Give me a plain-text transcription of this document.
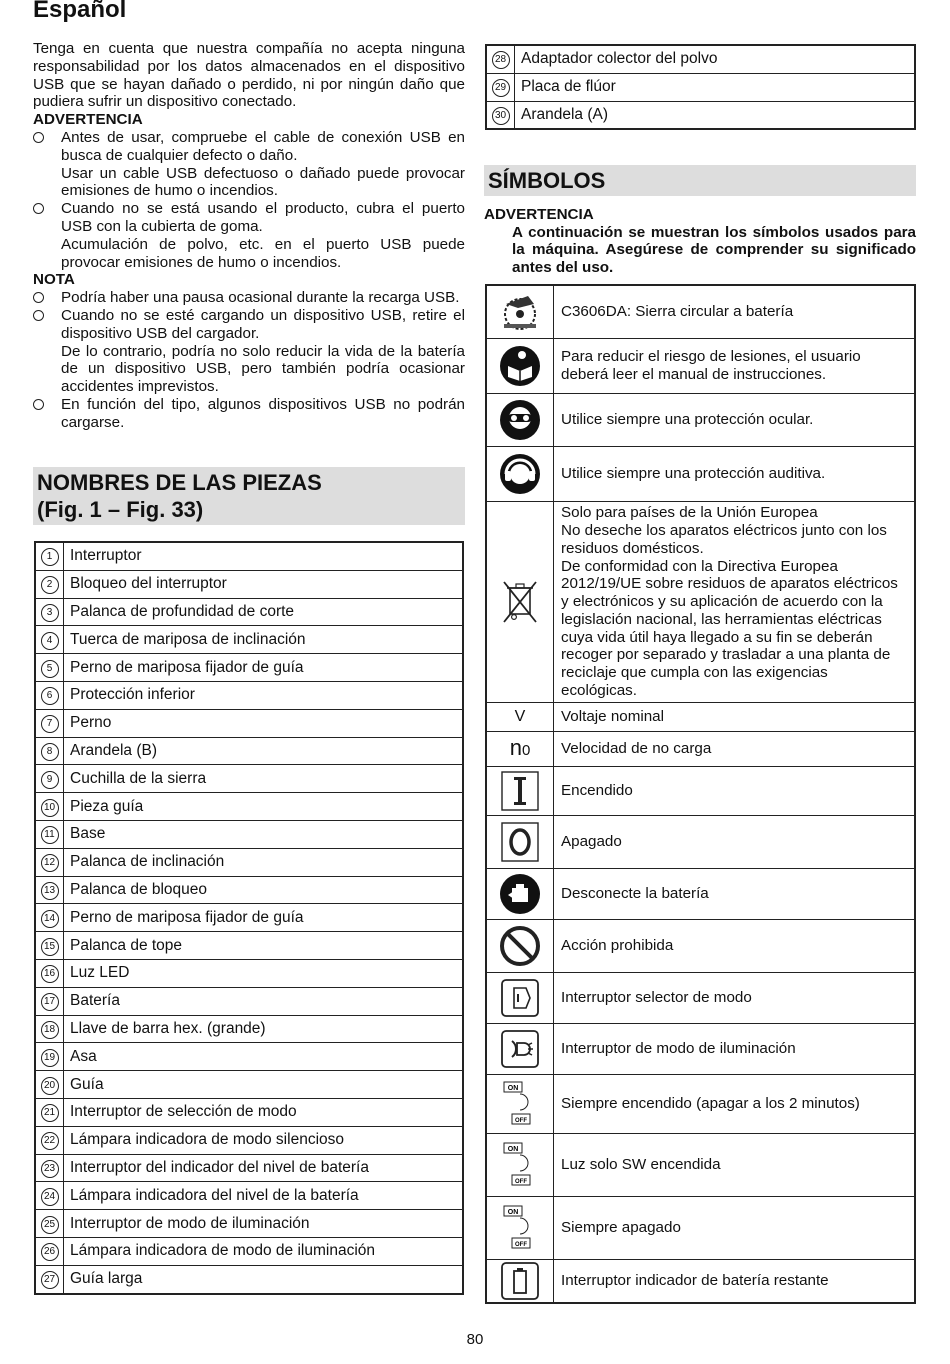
Español
Tenga en cuenta que nuestra compañía no acepta ninguna responsabilidad por los datos almacenados en el dispositivo USB que se hayan dañado o perdido, ni por ningún daño que pudiera sufrir un dispositivo conectado.
ADVERTENCIA
Antes de usar, compruebe el cable de conexión USB en busca de cualquier defecto o daño.
Usar un cable USB defectuoso o dañado puede provocar emisiones de humo o incendios.
Cuando no se está usando el producto, cubra el puerto USB con la cubierta de goma.
Acumulación de polvo, etc. en el puerto USB puede provocar emisiones de humo o incendios.
NOTA
Podría haber una pausa ocasional durante la recarga USB.
Cuando no se esté cargando un dispositivo USB, retire el dispositivo USB del cargador.
De lo contrario, podría no solo reducir la vida de la batería de un dispositivo USB, pero también podría ocasionar accidentes imprevistos.
En función del tipo, algunos dispositivos USB no podrán cargarse.
NOMBRES DE LAS PIEZAS
(Fig. 1 – Fig. 33)
1	Interruptor
2	Bloqueo del interruptor
3	Palanca de profundidad de corte
4	Tuerca de mariposa de inclinación
5	Perno de mariposa fijador de guía
6	Protección inferior
7	Perno
8	Arandela (B)
9	Cuchilla de la sierra
10	Pieza guía
11	Base
12	Palanca de inclinación
13	Palanca de bloqueo
14	Perno de mariposa fijador de guía
15	Palanca de tope
16	Luz LED
17	Batería
18	Llave de barra hex. (grande)
19	Asa
20	Guía
21	Interruptor de selección de modo
22	Lámpara indicadora de modo silencioso
23	Interruptor del indicador del nivel de batería
24	Lámpara indicadora del nivel de la batería
25	Interruptor de modo de iluminación
26	Lámpara indicadora de modo de iluminación
27	Guía larga
28	Adaptador colector del polvo
29	Placa de flúor
30	Arandela (A)
SÍMBOLOS
ADVERTENCIA
A continuación se muestran los símbolos usados para la máquina. Asegúrese de comprender su significado antes del uso.
	C3606DA: Sierra circular a batería

	Para reducir el riesgo de lesiones, el usuario deberá leer el manual de instrucciones.

	Utilice siempre una protección ocular.

	Utilice siempre una protección auditiva.

	Solo para países de la Unión Europea
No deseche los aparatos eléctricos junto con los residuos domésticos.
De conformidad con la Directiva Europea 2012/19/UE sobre residuos de aparatos eléctricos y electrónicos y su aplicación de acuerdo con la legislación nacional, las herramientas eléctricas cuya vida útil haya llegado a su fin se deberán recoger por separado y trasladar a una planta de reciclaje que cumpla con las exigencias ecológicas.
V	Voltaje nominal
n0	Velocidad de no carga

	Encendido

	Apagado

	Desconecte la batería

	Acción prohibida

	Interruptor selector de modo

	Interruptor de modo de iluminación

ON
OFF	Siempre encendido (apagar a los 2 minutos)

ON
OFF	Luz solo SW encendida

ON
OFF	Siempre apagado

	Interruptor indicador de batería restante
80
